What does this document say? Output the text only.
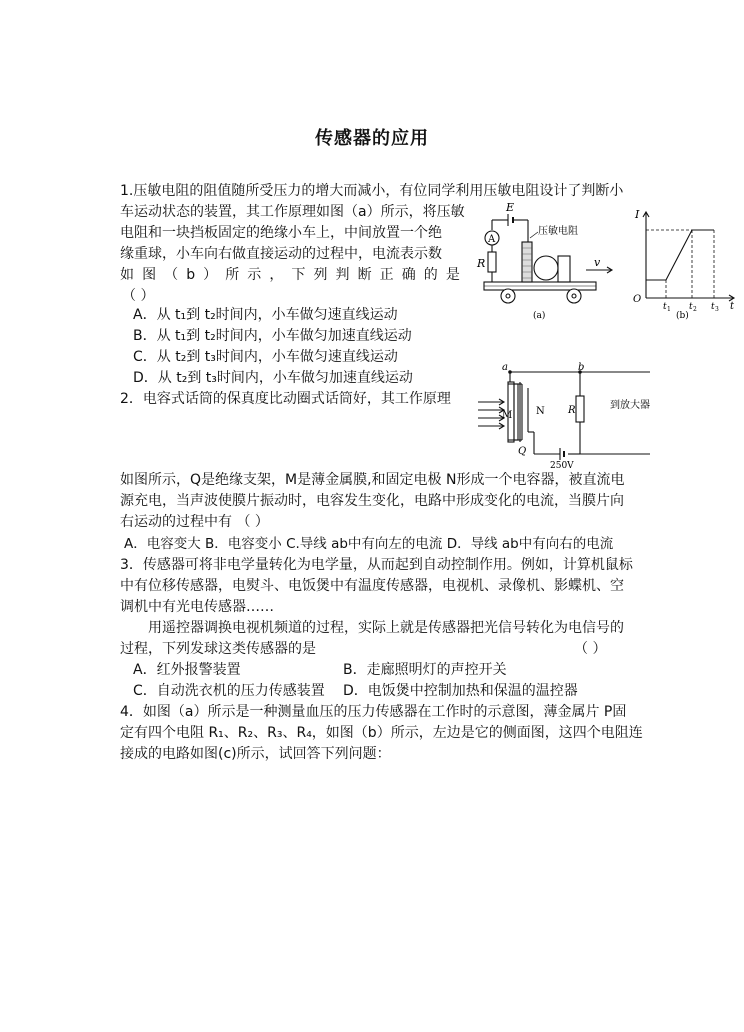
传感器的应用
1.压敏电阻的阻值随所受压力的增大而减小，有位同学利用压敏电阻设计了判断小
车运动状态的装置，其工作原理如图（a）所示，将压敏
电阻和一块挡板固定的绝缘小车上，中间放置一个绝
缘重球，小车向右做直接运动的过程中，电流表示数
如 图 （ b ） 所 示 ， 下 列 判 断 正 确 的 是
（ ）
A．从 t₁到 t₂时间内，小车做匀速直线运动
B．从 t₁到 t₂时间内，小车做匀加速直线运动
C．从 t₂到 t₃时间内，小车做匀速直线运动
D．从 t₂到 t₃时间内，小车做匀加速直线运动
E
A
R
压敏电阻
v
(a)
I
O
t 1 t 2 t 3 t
(b)
2．电容式话筒的保真度比动圈式话筒好，其工作原理
a	b
M N R
Q
250V
到放大器
如图所示，Q是绝缘支架，M是薄金属膜,和固定电极 N形成一个电容器，被直流电
源充电，当声波使膜片振动时，电容发生变化，电路中形成变化的电流，当膜片向
右运动的过程中有 （ ）
A．电容变大 B．电容变小 C.导线 ab中有向左的电流 D．导线 ab中有向右的电流
3．传感器可将非电学量转化为电学量，从而起到自动控制作用。例如，计算机鼠标
中有位移传感器，电熨斗、电饭煲中有温度传感器，电视机、录像机、影蝶机、空
调机中有光电传感器……
用遥控器调换电视机频道的过程，实际上就是传感器把光信号转化为电信号的
过程，下列发球这类传感器的是	（ ）
A．红外报警装置	B．走廊照明灯的声控开关
C．自动洗衣机的压力传感装置 D．电饭煲中控制加热和保温的温控器
4．如图（a）所示是一种测量血压的压力传感器在工作时的示意图，薄金属片 P固
定有四个电阻 R₁、R₂、R₃、R₄，如图（b）所示，左边是它的侧面图，这四个电阻连
接成的电路如图(c)所示，试回答下列问题：
